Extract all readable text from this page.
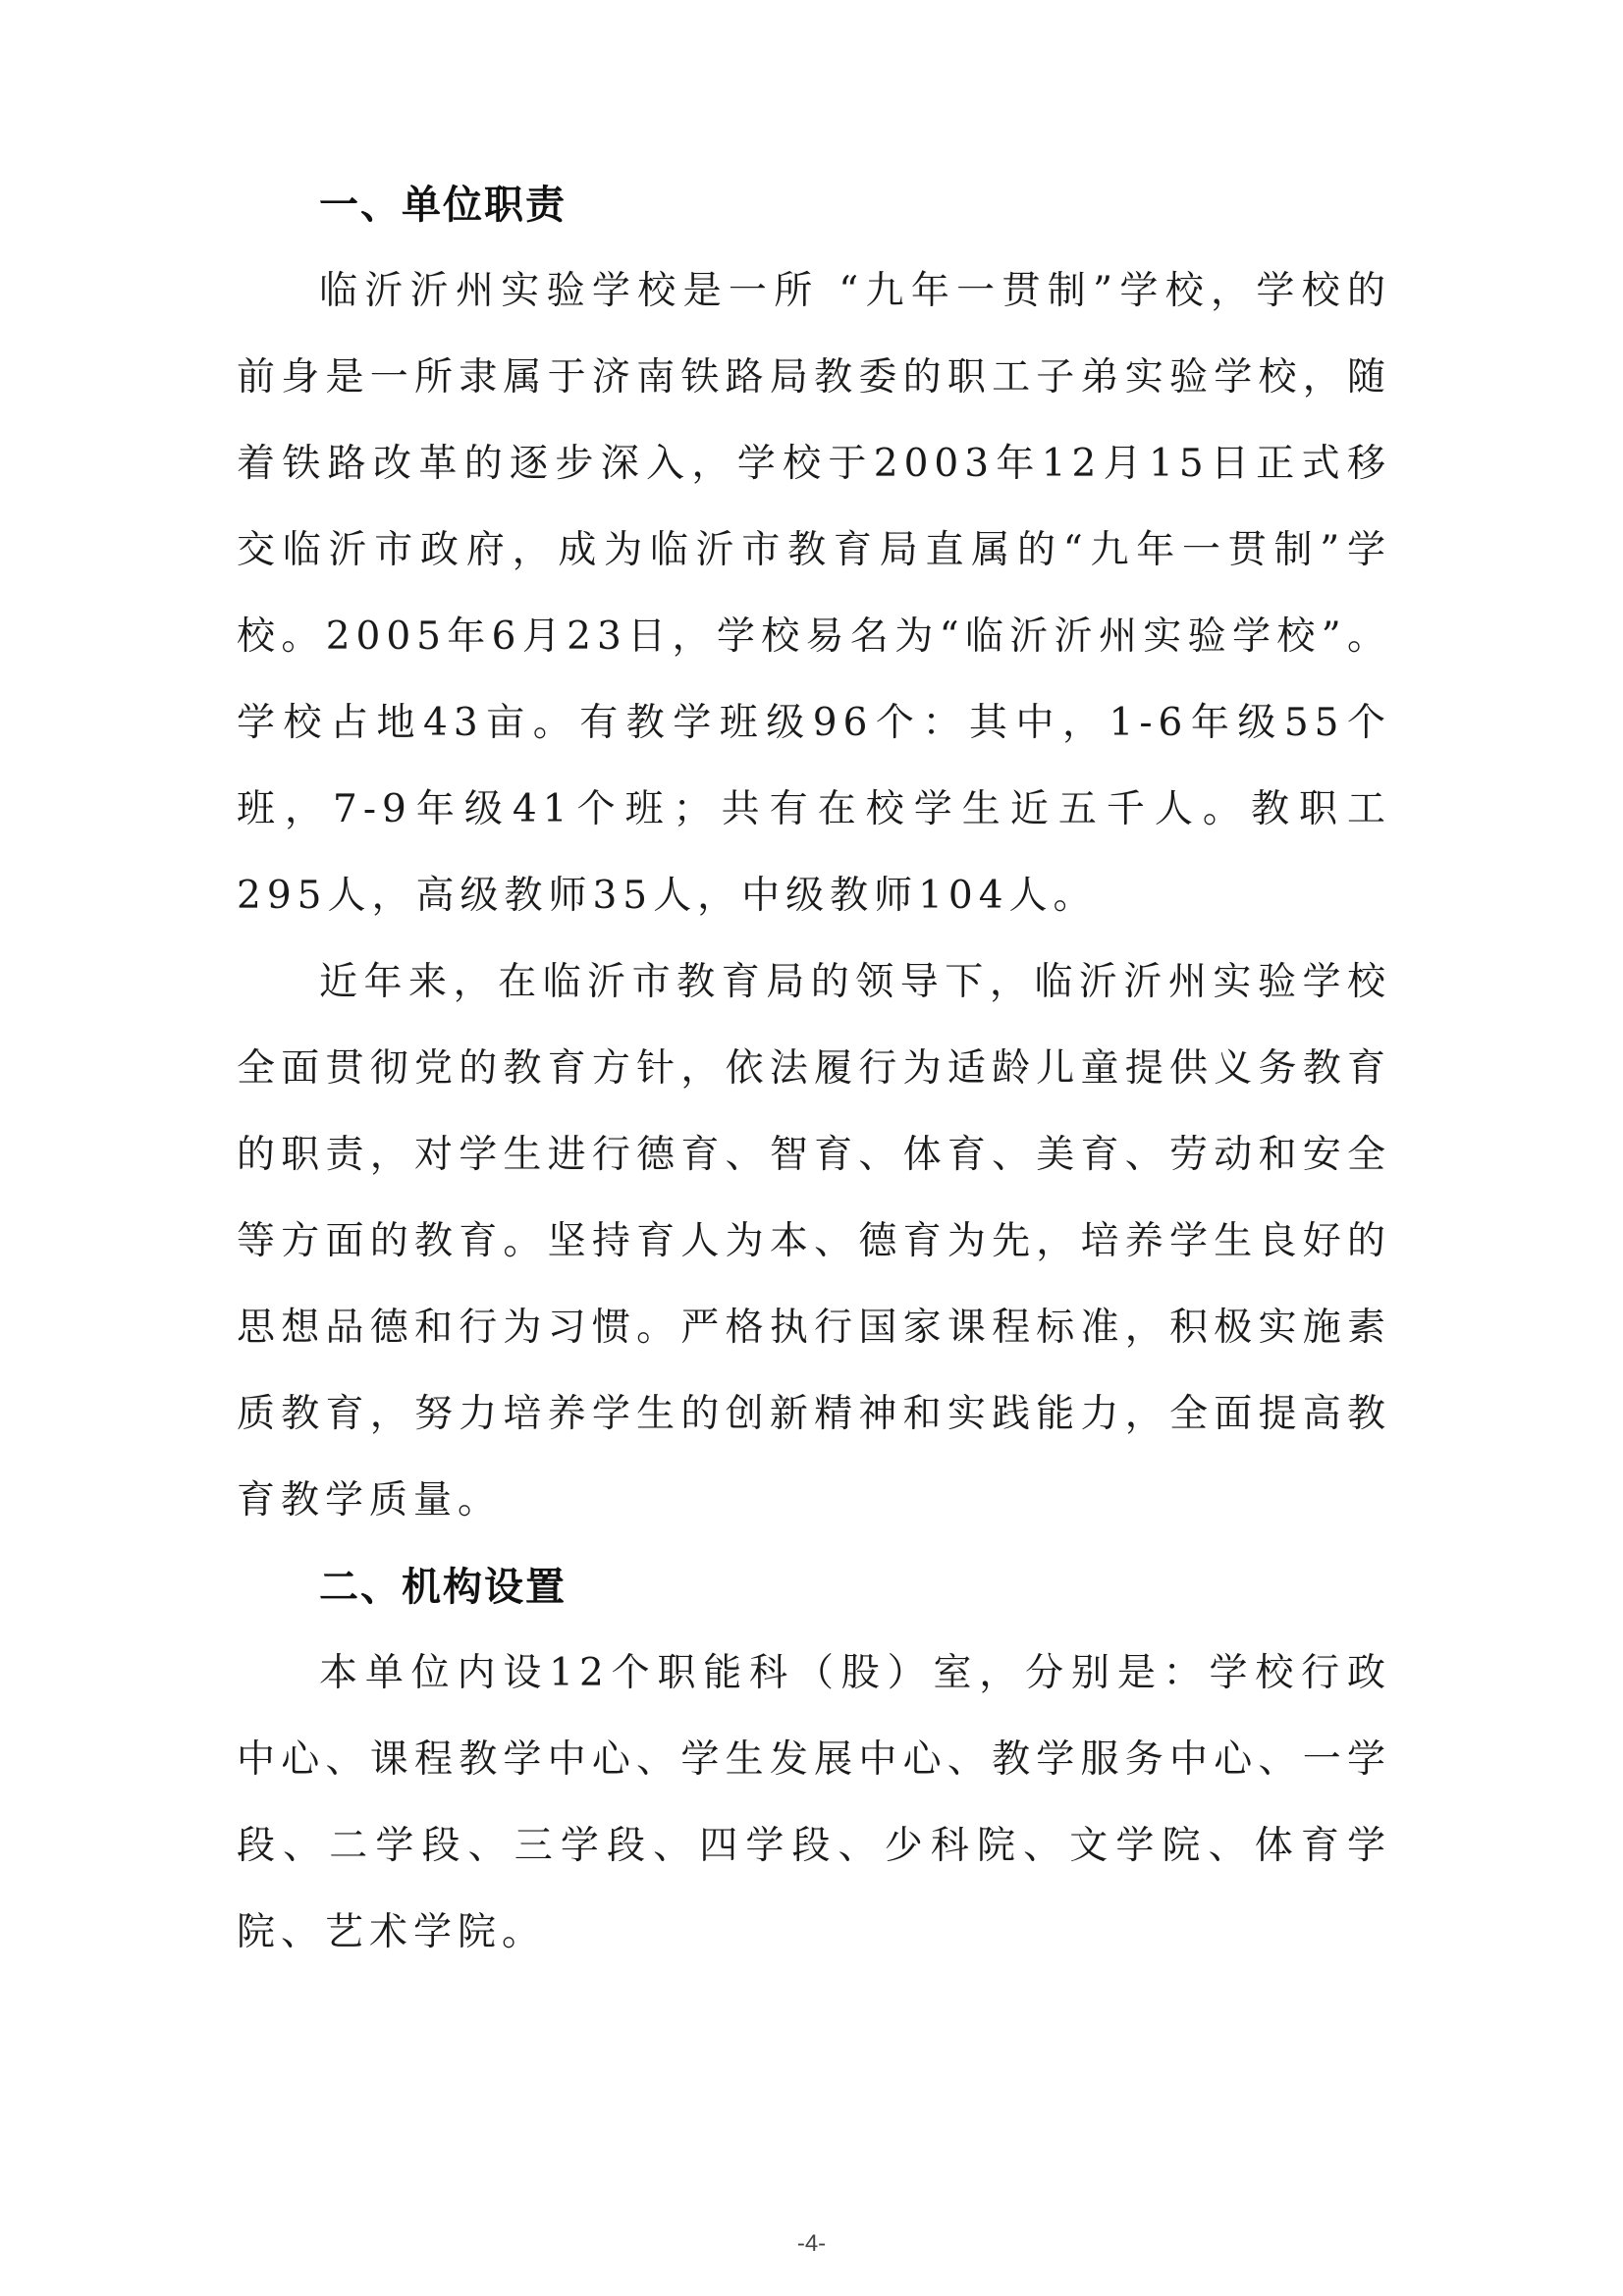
一、单位职责

临沂沂州实验学校是一所 “九年一贯制”学校，学校的前身是一所隶属于济南铁路局教委的职工子弟实验学校，随着铁路改革的逐步深入，学校于2003年12月15日正式移交临沂市政府，成为临沂市教育局直属的“九年一贯制”学校。2005年6月23日，学校易名为“临沂沂州实验学校”。学校占地43亩。有教学班级96个：其中，1-6年级55个班，7-9年级41个班；共有在校学生近五千人。教职工295人，高级教师35人，中级教师104人。

近年来，在临沂市教育局的领导下，临沂沂州实验学校全面贯彻党的教育方针，依法履行为适龄儿童提供义务教育的职责，对学生进行德育、智育、体育、美育、劳动和安全等方面的教育。坚持育人为本、德育为先，培养学生良好的思想品德和行为习惯。严格执行国家课程标准，积极实施素质教育，努力培养学生的创新精神和实践能力，全面提高教育教学质量。

二、机构设置

本单位内设12个职能科（股）室，分别是：学校行政中心、课程教学中心、学生发展中心、教学服务中心、一学段、二学段、三学段、四学段、少科院、文学院、体育学院、艺术学院。

-4-
